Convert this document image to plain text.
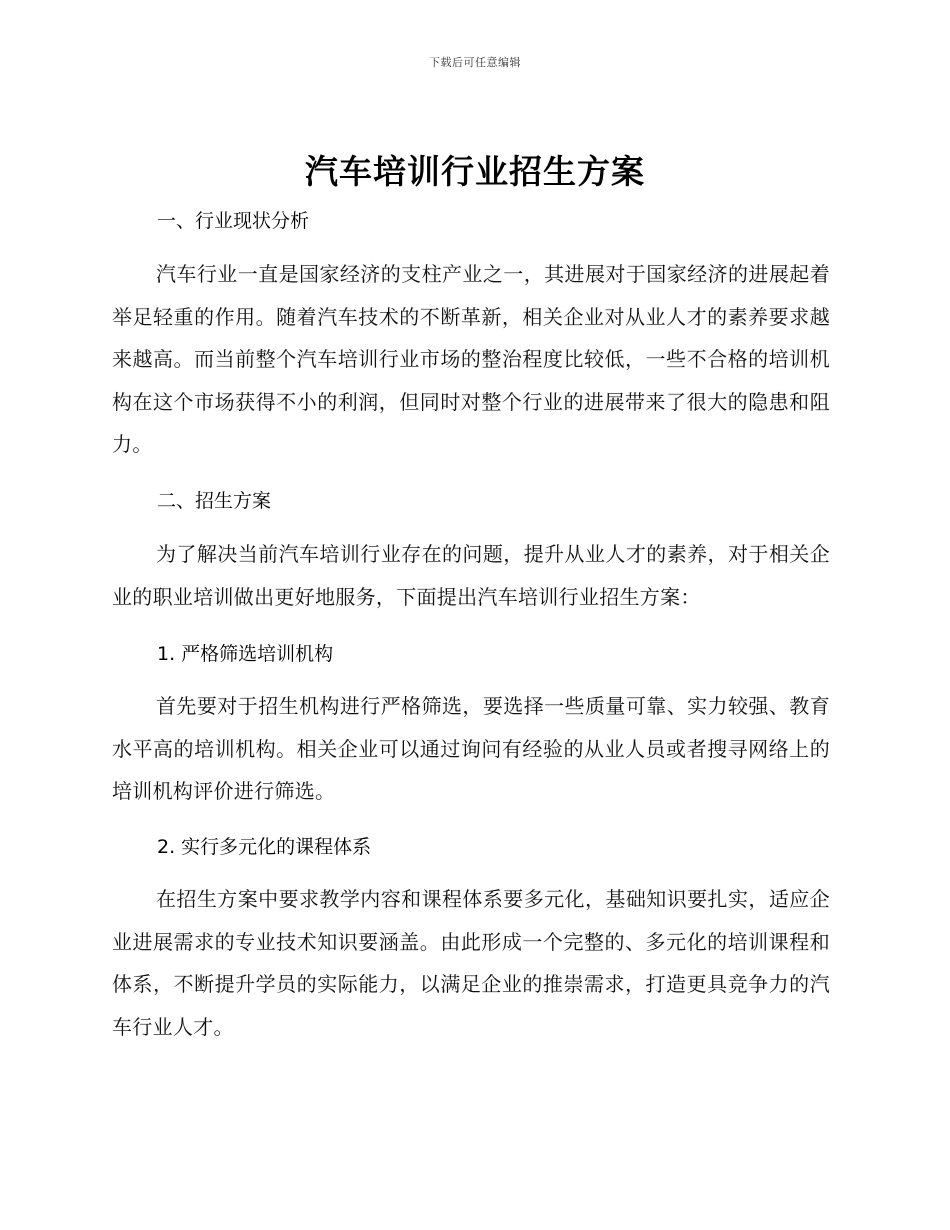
下载后可任意编辑
汽车培训行业招生方案
一、行业现状分析

汽车行业一直是国家经济的支柱产业之一，其进展对于国家经济的进展起着举足轻重的作用。随着汽车技术的不断革新，相关企业对从业人才的素养要求越来越高。而当前整个汽车培训行业市场的整治程度比较低，一些不合格的培训机构在这个市场获得不小的利润，但同时对整个行业的进展带来了很大的隐患和阻力。

二、招生方案

为了解决当前汽车培训行业存在的问题，提升从业人才的素养，对于相关企业的职业培训做出更好地服务，下面提出汽车培训行业招生方案：

1. 严格筛选培训机构

首先要对于招生机构进行严格筛选，要选择一些质量可靠、实力较强、教育水平高的培训机构。相关企业可以通过询问有经验的从业人员或者搜寻网络上的培训机构评价进行筛选。

2. 实行多元化的课程体系

在招生方案中要求教学内容和课程体系要多元化，基础知识要扎实，适应企业进展需求的专业技术知识要涵盖。由此形成一个完整的、多元化的培训课程和体系，不断提升学员的实际能力，以满足企业的推崇需求，打造更具竞争力的汽车行业人才。
